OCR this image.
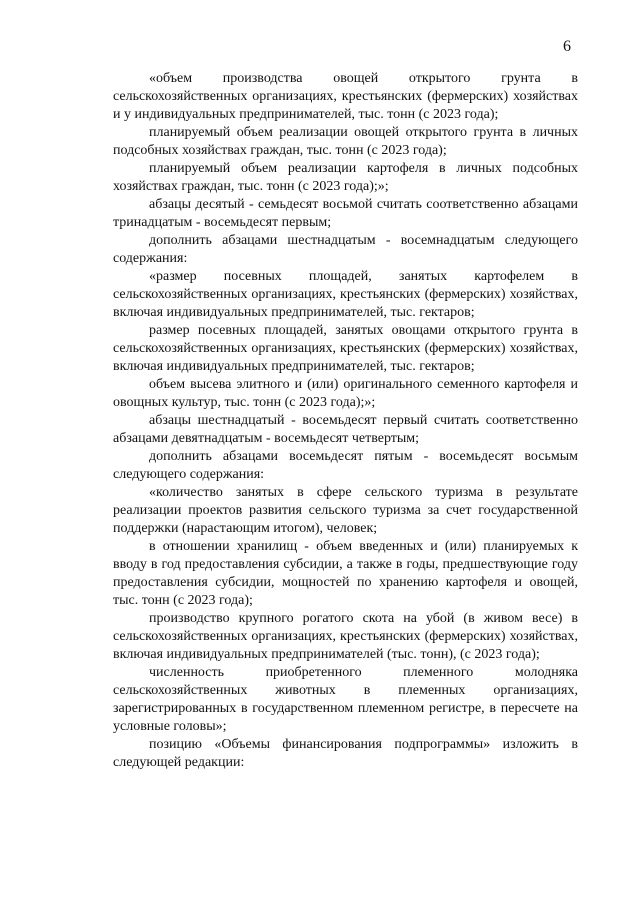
6

«объем производства овощей открытого грунта в сельскохозяйственных организациях, крестьянских (фермерских) хозяйствах и у индивидуальных предпринимателей, тыс. тонн (с 2023 года);

планируемый объем реализации овощей открытого грунта в личных подсобных хозяйствах граждан, тыс. тонн (с 2023 года);

планируемый объем реализации картофеля в личных подсобных хозяйствах граждан, тыс. тонн (с 2023 года);»;

абзацы десятый - семьдесят восьмой считать соответственно абзацами тринадцатым - восемьдесят первым;

дополнить абзацами шестнадцатым - восемнадцатым следующего содержания:

«размер посевных площадей, занятых картофелем в сельскохозяйственных организациях, крестьянских (фермерских) хозяйствах, включая индивидуальных предпринимателей, тыс. гектаров;

размер посевных площадей, занятых овощами открытого грунта в сельскохозяйственных организациях, крестьянских (фермерских) хозяйствах, включая индивидуальных предпринимателей, тыс. гектаров;

объем высева элитного и (или) оригинального семенного картофеля и овощных культур, тыс. тонн (с 2023 года);»;

абзацы шестнадцатый - восемьдесят первый считать соответственно абзацами девятнадцатым - восемьдесят четвертым;

дополнить абзацами восемьдесят пятым - восемьдесят восьмым следующего содержания:

«количество занятых в сфере сельского туризма в результате реализации проектов развития сельского туризма за счет государственной поддержки (нарастающим итогом), человек;

в отношении хранилищ - объем введенных и (или) планируемых к вводу в год предоставления субсидии, а также в годы, предшествующие году предоставления субсидии, мощностей по хранению картофеля и овощей, тыс. тонн (с 2023 года);

производство крупного рогатого скота на убой (в живом весе) в сельскохозяйственных организациях, крестьянских (фермерских) хозяйствах, включая индивидуальных предпринимателей (тыс. тонн), (с 2023 года);

численность приобретенного племенного молодняка сельскохозяйственных животных в племенных организациях, зарегистрированных в государственном племенном регистре, в пересчете на условные головы»;

позицию «Объемы финансирования подпрограммы» изложить в следующей редакции:
